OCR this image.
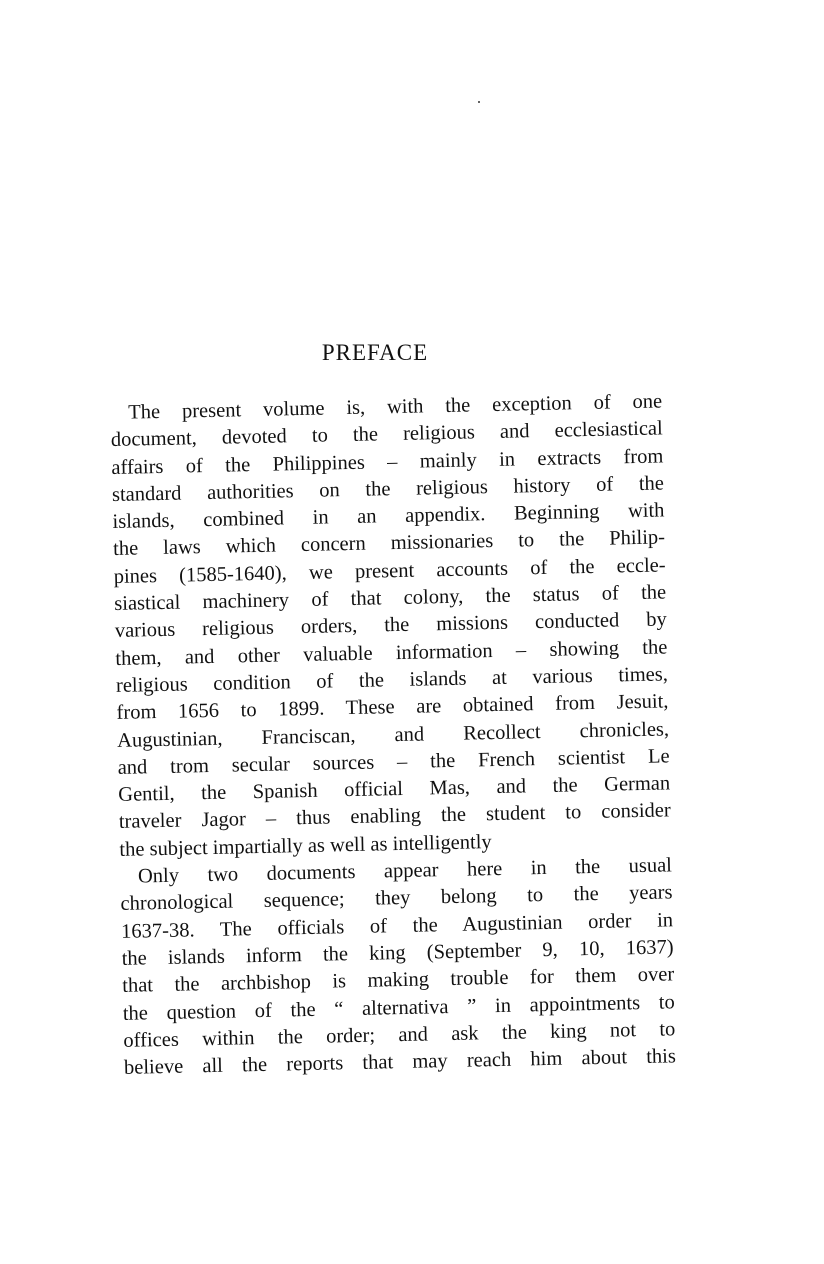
PREFACE
The present volume is, with the exception of one
document, devoted to the religious and ecclesiastical
affairs of the Philippines – mainly in extracts from
standard authorities on the religious history of the
islands, combined in an appendix. Beginning with
the laws which concern missionaries to the Philip-
pines (1585-1640), we present accounts of the eccle-
siastical machinery of that colony, the status of the
various religious orders, the missions conducted by
them, and other valuable information – showing the
religious condition of the islands at various times,
from 1656 to 1899. These are obtained from Jesuit,
Augustinian, Franciscan, and Recollect chronicles,
and trom secular sources – the French scientist Le
Gentil, the Spanish official Mas, and the German
traveler Jagor – thus enabling the student to consider
the subject impartially as well as intelligently
Only two documents appear here in the usual
chronological sequence; they belong to the years
1637-38. The officials of the Augustinian order in
the islands inform the king (September 9, 10, 1637)
that the archbishop is making trouble for them over
the question of the “ alternativa ” in appointments to
offices within the order; and ask the king not to
believe all the reports that may reach him about this
